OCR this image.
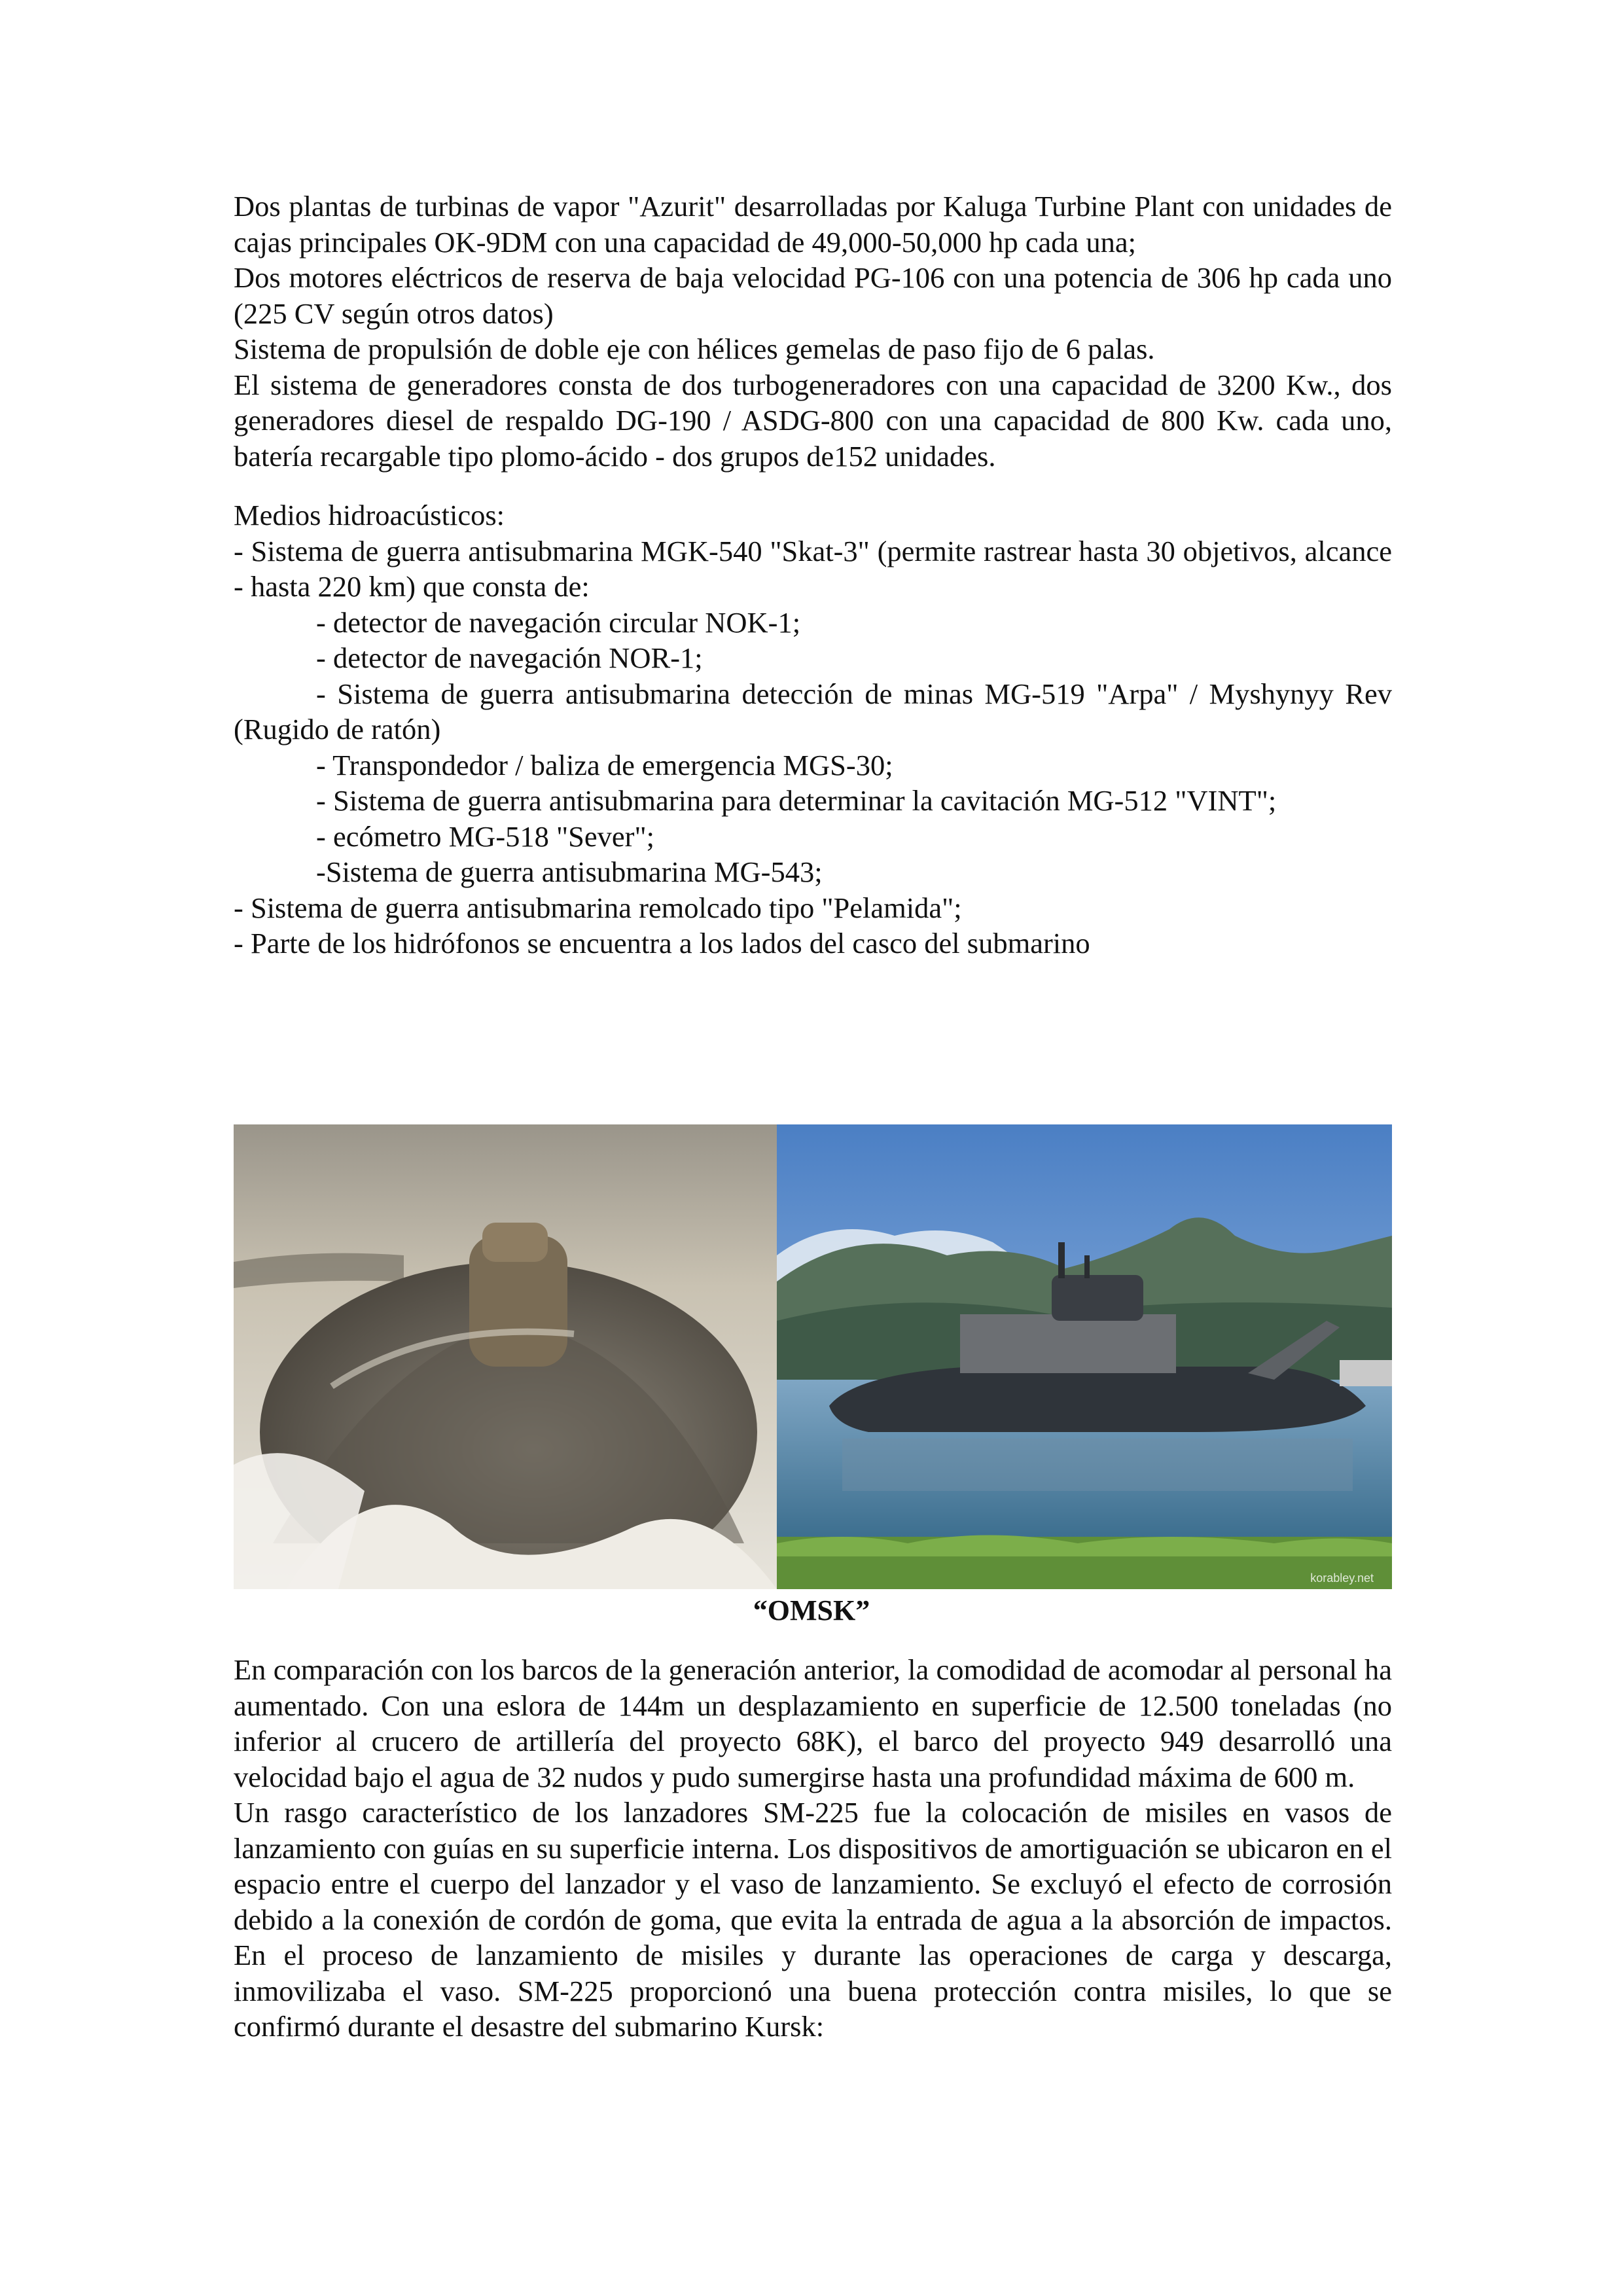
Dos plantas de turbinas de vapor "Azurit" desarrolladas por Kaluga Turbine Plant con unidades de cajas principales OK-9DM con una capacidad de 49,000-50,000 hp cada una;

Dos motores eléctricos de reserva de baja velocidad PG-106 con una potencia de 306 hp cada uno (225 CV según otros datos)

Sistema de propulsión de doble eje con hélices gemelas de paso fijo de 6 palas.

El sistema de generadores consta de dos turbogeneradores con una capacidad de 3200 Kw., dos generadores diesel de respaldo DG-190 / ASDG-800 con una capacidad de 800 Kw. cada uno, batería recargable tipo plomo-ácido - dos grupos de152 unidades.

Medios hidroacústicos:

- Sistema de guerra antisubmarina MGK-540 "Skat-3" (permite rastrear hasta 30 objetivos, alcance - hasta 220 km) que consta de:

- detector de navegación circular NOK-1;

- detector de navegación NOR-1;

- Sistema de guerra antisubmarina detección de minas MG-519 "Arpa" / Myshynyy Rev (Rugido de ratón)

- Transpondedor / baliza de emergencia MGS-30;

- Sistema de guerra antisubmarina para determinar la cavitación MG-512 "VINT";

- ecómetro MG-518 "Sever";

-Sistema de guerra antisubmarina MG-543;

- Sistema de guerra antisubmarina remolcado tipo "Pelamida";

- Parte de los hidrófonos se encuentra a los lados del casco del submarino

korabley.net
“OMSK”

En comparación con los barcos de la generación anterior, la comodidad de acomodar al personal ha aumentado. Con una eslora de 144m un desplazamiento en superficie de 12.500 toneladas (no inferior al crucero de artillería del proyecto 68K), el barco del proyecto 949 desarrolló una velocidad bajo el agua de 32 nudos y pudo sumergirse hasta una profundidad máxima de 600 m.

Un rasgo característico de los lanzadores SM-225 fue la colocación de misiles en vasos de lanzamiento con guías en su superficie interna. Los dispositivos de amortiguación se ubicaron en el espacio entre el cuerpo del lanzador y el vaso de lanzamiento. Se excluyó el efecto de corrosión debido a la conexión de cordón de goma, que evita la entrada de agua a la absorción de impactos. En el proceso de lanzamiento de misiles y durante las operaciones de carga y descarga, inmovilizaba el vaso. SM-225 proporcionó una buena protección contra misiles, lo que se confirmó durante el desastre del submarino Kursk:
